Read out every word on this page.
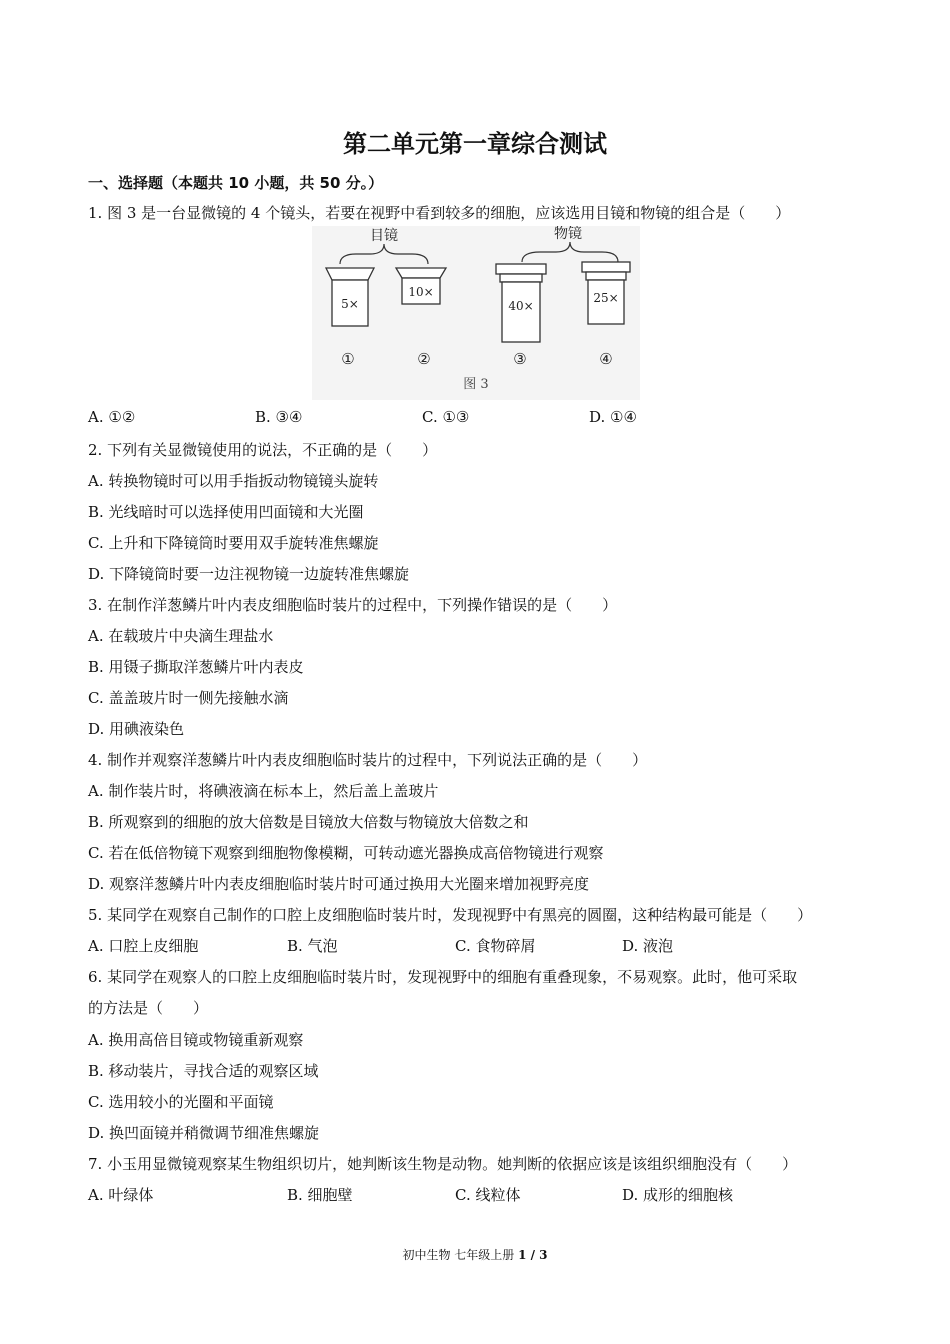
第二单元第一章综合测试
一、选择题（本题共 10 小题，共 50 分。）
1. 图 3 是一台显微镜的 4 个镜头，若要在视野中看到较多的细胞，应该选用目镜和物镜的组合是（　　）
目镜	物镜
5×
10×
40×
25×
①	②	③	④
图 3
A. ①②	B. ③④	C. ①③	D. ①④
2. 下列有关显微镜使用的说法，不正确的是（　　）
A. 转换物镜时可以用手指扳动物镜镜头旋转
B. 光线暗时可以选择使用凹面镜和大光圈
C. 上升和下降镜筒时要用双手旋转准焦螺旋
D. 下降镜筒时要一边注视物镜一边旋转准焦螺旋
3. 在制作洋葱鳞片叶内表皮细胞临时装片的过程中，下列操作错误的是（　　）
A. 在载玻片中央滴生理盐水
B. 用镊子撕取洋葱鳞片叶内表皮
C. 盖盖玻片时一侧先接触水滴
D. 用碘液染色
4. 制作并观察洋葱鳞片叶内表皮细胞临时装片的过程中，下列说法正确的是（　　）
A. 制作装片时，将碘液滴在标本上，然后盖上盖玻片
B. 所观察到的细胞的放大倍数是目镜放大倍数与物镜放大倍数之和
C. 若在低倍物镜下观察到细胞物像模糊，可转动遮光器换成高倍物镜进行观察
D. 观察洋葱鳞片叶内表皮细胞临时装片时可通过换用大光圈来增加视野亮度
5. 某同学在观察自己制作的口腔上皮细胞临时装片时，发现视野中有黑亮的圆圈，这种结构最可能是（　　）
A. 口腔上皮细胞	B. 气泡	C. 食物碎屑	D. 液泡
6. 某同学在观察人的口腔上皮细胞临时装片时，发现视野中的细胞有重叠现象，不易观察。此时，他可采取
的方法是（　　）
A. 换用高倍目镜或物镜重新观察
B. 移动装片，寻找合适的观察区域
C. 选用较小的光圈和平面镜
D. 换凹面镜并稍微调节细准焦螺旋
7. 小玉用显微镜观察某生物组织切片，她判断该生物是动物。她判断的依据应该是该组织细胞没有（　　）
A. 叶绿体	B. 细胞壁	C. 线粒体	D. 成形的细胞核
初中生物 七年级上册 1 / 3
